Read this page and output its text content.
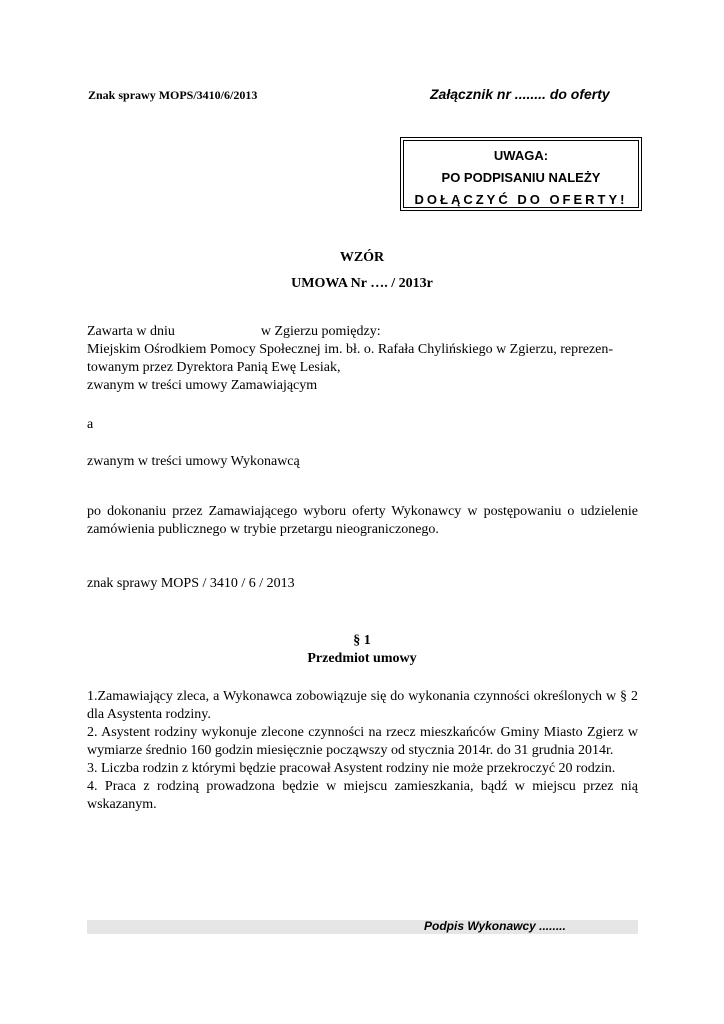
Znak sprawy MOPS/3410/6/2013	Załącznik nr ........ do oferty
UWAGA:
PO PODPISANIU NALEŻY
DOŁĄCZYĆ DO OFERTY!
WZÓR
UMOWA Nr …. / 2013r
Zawarta w dniu	w Zgierzu pomiędzy:
Miejskim Ośrodkiem Pomocy Społecznej im. bł. o. Rafała Chylińskiego w Zgierzu, reprezen-
towanym przez Dyrektora Panią Ewę Lesiak,
zwanym w treści umowy Zamawiającym
a
zwanym w treści umowy Wykonawcą
po dokonaniu przez Zamawiającego wyboru oferty Wykonawcy w postępowaniu o udzielenie zamówienia publicznego w trybie przetargu nieograniczonego.
znak sprawy MOPS / 3410 / 6 / 2013
§ 1
Przedmiot umowy
1.Zamawiający zleca, a Wykonawca zobowiązuje się do wykonania czynności określonych w § 2 dla Asystenta rodziny.
2. Asystent rodziny wykonuje zlecone czynności na rzecz mieszkańców Gminy Miasto Zgierz w wymiarze średnio 160 godzin miesięcznie począwszy od stycznia 2014r. do 31 grudnia 2014r.
3. Liczba rodzin z którymi będzie pracował Asystent rodziny nie może przekroczyć 20 rodzin.
4. Praca z rodziną prowadzona będzie w miejscu zamieszkania, bądź w miejscu przez nią wskazanym.
Podpis Wykonawcy ........
